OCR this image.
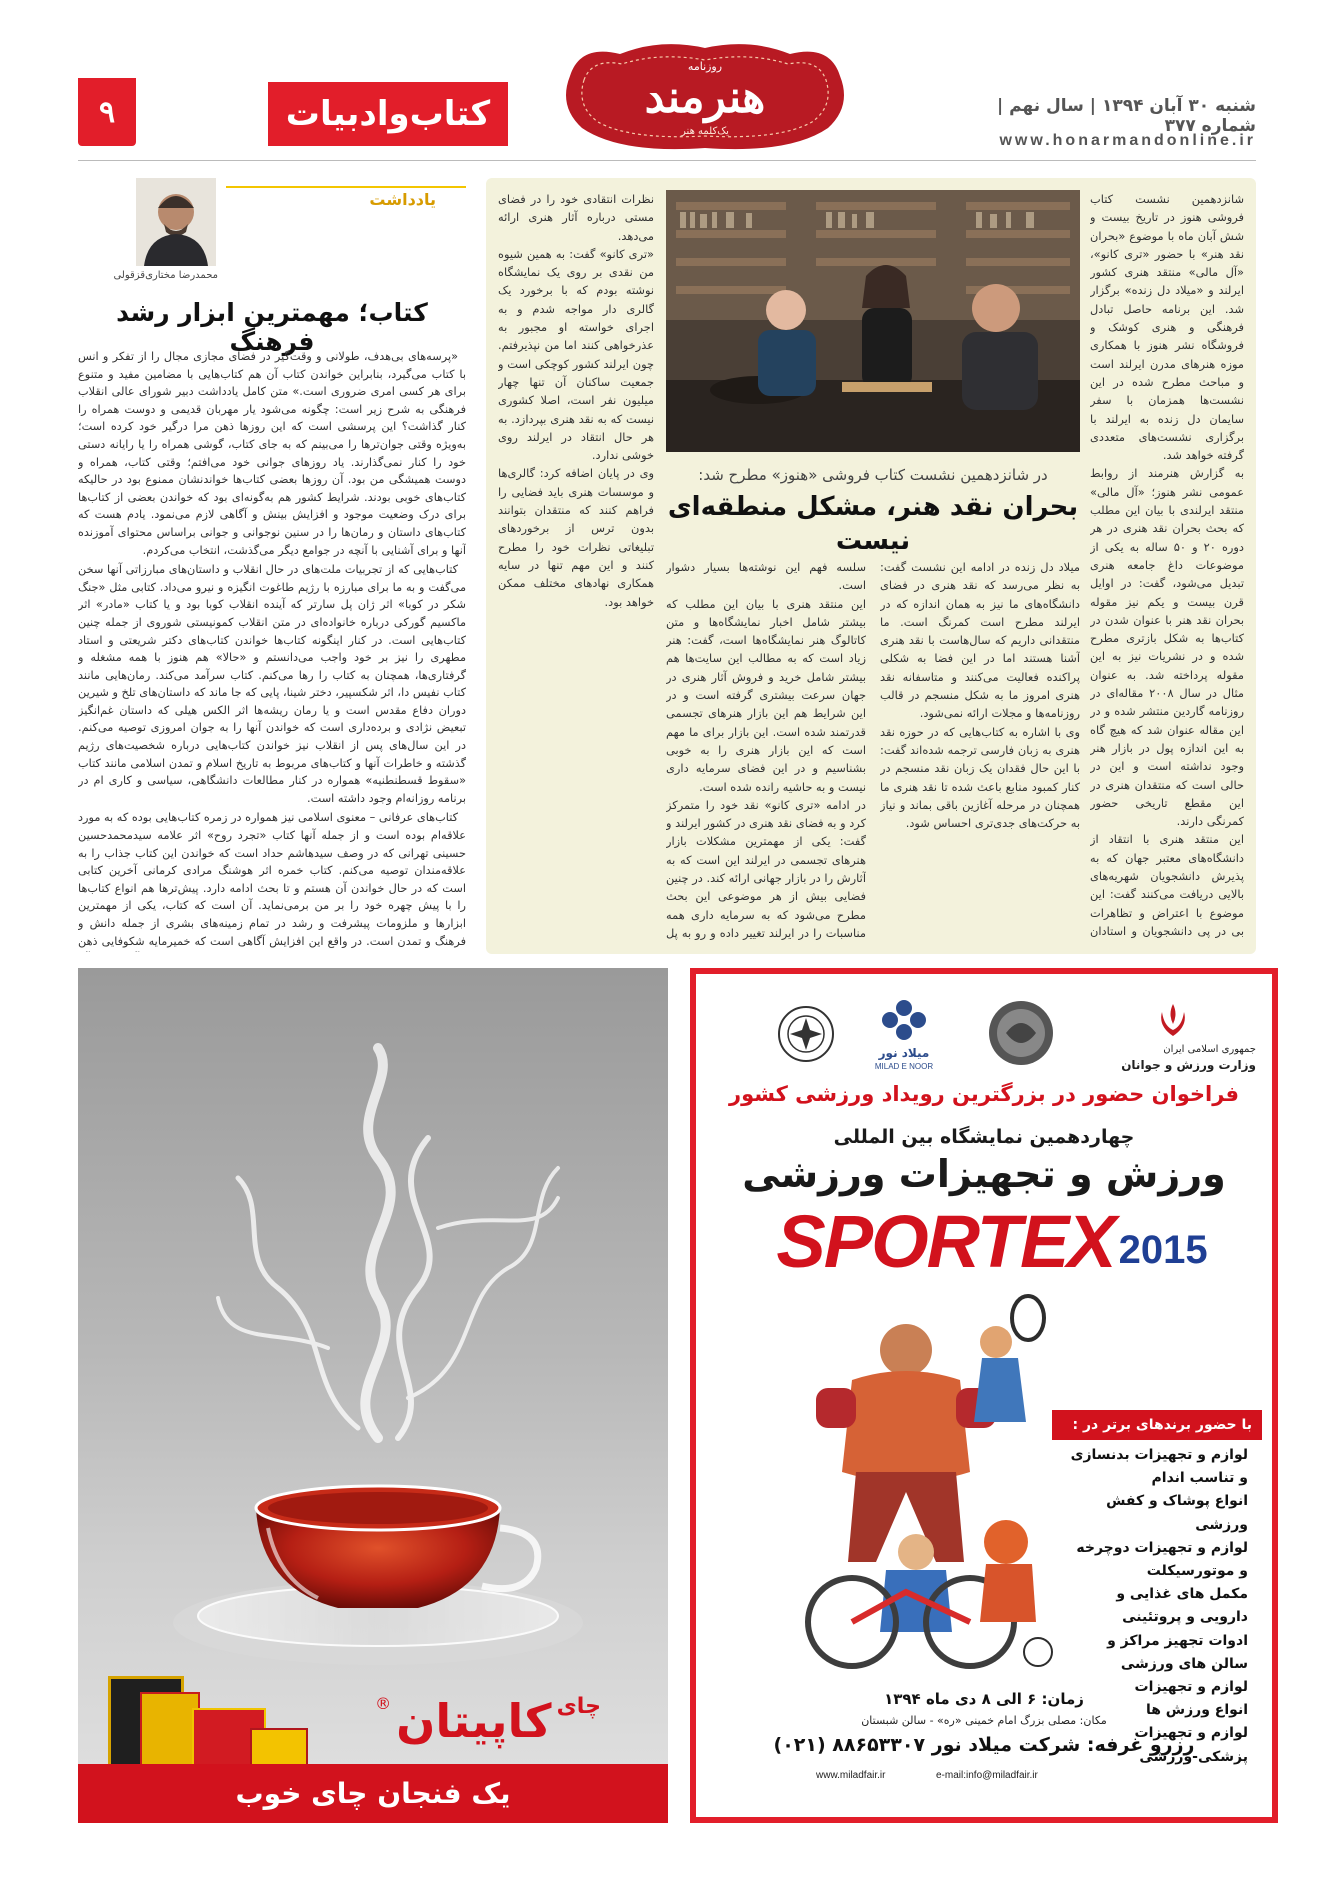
۹	کتاب‌و‌ادبیات
روزنامه
هنرمند
یک‌کلمه هنر
شنبه ۳۰ آبان ۱۳۹۴ | سال نهم | شماره ۳۷۷
www.honarmandonline.ir

شانزدهمین نشست کتاب فروشی هنوز در تاریخ بیست و شش آبان ماه با موضوع «بحران نقد هنر» با حضور «تری کانو»، «آل مالی» منتقد هنری کشور ایرلند و «میلاد دل زنده» برگزار شد. این برنامه حاصل تبادل فرهنگی و هنری کوشک و فروشگاه نشر هنوز با همکاری موزه هنرهای مدرن ایرلند است و مباحث مطرح شده در این نشست‌ها همزمان با سفر سایمان دل زنده به ایرلند با برگزاری نشست‌های متعددی گرفته خواهد شد.

به گزارش هنرمند از روابط عمومی نشر هنوز؛ «آل مالی» منتقد ایرلندی با بیان این مطلب که بحث بحران نقد هنری در هر دوره ۲۰ و ۵۰ ساله به یکی از موضوعات داغ جامعه هنری تبدیل می‌شود، گفت: در اوایل قرن بیست و یکم نیز مقوله بحران نقد هنر با عنوان شدن در کتاب‌ها به شکل بازتری مطرح شده و در نشریات نیز به این مقوله پرداخته شد. به عنوان مثال در سال ۲۰۰۸ مقاله‌ای در روزنامه گاردین منتشر شده و در این مقاله عنوان شد که هیچ گاه به این اندازه پول در بازار هنر وجود نداشته است و این در حالی است که منتقدان هنری در این مقطع تاریخی حضور کمرنگی دارند.

این منتقد هنری با انتقاد از دانشگاه‌های معتبر جهان که به پذیرش دانشجویان شهریه‌های بالایی دریافت می‌کنند گفت: این موضوع با اعتراض و تظاهرات بی در پی دانشجویان و استادان

در شانزدهمین نشست کتاب فروشی «هنوز» مطرح شد:
بحران نقد هنر، مشکل منطقه‌ای نیست

سلسه فهم این نوشته‌ها بسیار دشوار است.

این منتقد هنری با بیان این مطلب که بیشتر شامل اخبار نمایشگاه‌ها و متن کاتالوگ هنر نمایشگاه‌ها است، گفت: هنر زیاد است که به مطالب این سایت‌ها هم بیشتر شامل خرید و فروش آثار هنری در جهان سرعت بیشتری گرفته است و در این شرایط هم این بازار هنرهای تجسمی قدرتمند شده است. این بازار برای ما مهم است که این بازار هنری را به خوبی بشناسیم و در این فضای سرمایه داری نیست و به حاشیه رانده شده است.

در ادامه «تری کانو» نقد خود را متمرکز کرد و به فضای نقد هنری در کشور ایرلند و گفت: یکی از مهمترین مشکلات بازار هنرهای تجسمی در ایرلند این است که به آثارش را در بازار جهانی ارائه کند. در چنین فضایی بیش از هر موضوعی این بحث مطرح می‌شود که به سرمایه داری همه مناسبات را در ایرلند تغییر داده و رو به پل

میلاد دل زنده در ادامه این نشست گفت: به نظر می‌رسد که نقد هنری در فضای دانشگاه‌های ما نیز به همان اندازه که در ایرلند مطرح است کمرنگ است. ما منتقدانی داریم که سال‌هاست با نقد هنری آشنا هستند اما در این فضا به شکلی پراکنده فعالیت می‌کنند و متاسفانه نقد هنری امروز ما به شکل منسجم در قالب روزنامه‌ها و مجلات ارائه نمی‌شود.

وی با اشاره به کتاب‌هایی که در حوزه نقد هنری به زبان فارسی ترجمه شده‌اند گفت: با این حال فقدان یک زبان نقد منسجم در کنار کمبود منابع باعث شده تا نقد هنری ما همچنان در مرحله آغازین باقی بماند و نیاز به حرکت‌های جدی‌تری احساس شود.

نظرات انتقادی خود را در فضای مستی درباره آثار هنری ارائه می‌دهد.

«تری کانو» گفت: به همین شیوه من نقدی بر روی یک نمایشگاه نوشته بودم که با برخورد یک گالری دار مواجه شدم و به اجرای خواسته او مجبور به عذرخواهی کنند اما من نپذیرفتم. چون ایرلند کشور کوچکی است و جمعیت ساکنان آن تنها چهار میلیون نفر است، اصلا کشوری نیست که به نقد هنری بپردازد. به هر حال انتقاد در ایرلند روی خوشی ندارد.

وی در پایان اضافه کرد: گالری‌ها و موسسات هنری باید فضایی را فراهم کنند که منتقدان بتوانند بدون ترس از برخوردهای تبلیغاتی نظرات خود را مطرح کنند و این مهم تنها در سایه همکاری نهادهای مختلف ممکن خواهد بود.

یادداشت
محمدرضا مختاری‌قزقولی
کتاب؛ مهمترین ابزار رشد فرهنگ

«پرسه‌های بی‌هدف، طولانی و وقت‌گیر در فضای مجازی مجال را از تفکر و انس با کتاب می‌گیرد، بنابراین خواندن کتاب آن هم کتاب‌هایی با مضامین مفید و متنوع برای هر کسی امری ضروری است.» متن کامل یادداشت دبیر شورای عالی انقلاب فرهنگی به شرح زیر است: چگونه می‌شود یار مهربان قدیمی و دوست همراه را کنار گذاشت؟ این پرسشی است که این روزها ذهن مرا درگیر خود کرده است؛ به‌ویژه وقتی جوان‌ترها را می‌بینم که به جای کتاب، گوشی همراه را یا رایانه دستی خود را کنار نمی‌گذارند. یاد روزهای جوانی خود می‌افتم؛ وقتی کتاب، همراه و دوست همیشگی من بود. آن روزها بعضی کتاب‌ها خواندنشان ممنوع بود در حالیکه کتاب‌های خوبی بودند. شرایط کشور هم به‌گونه‌ای بود که خواندن بعضی از کتاب‌ها برای درک وضعیت موجود و افزایش بینش و آگاهی لازم می‌نمود. یادم هست که کتاب‌های داستان و رمان‌ها را در سنین نوجوانی و جوانی براساس محتوای آموزنده آنها و برای آشنایی با آنچه در جوامع دیگر می‌گذشت، انتخاب می‌کردم.

کتاب‌هایی که از تجربیات ملت‌های در حال انقلاب و داستان‌های مبارزاتی آنها سخن می‌گفت و به ما برای مبارزه با رژیم طاغوت انگیزه و نیرو می‌داد. کتابی مثل «جنگ شکر در کوبا» اثر ژان پل سارتر که آینده انقلاب کوبا بود و یا کتاب «مادر» اثر ماکسیم گورکی درباره خانواده‌ای در متن انقلاب کمونیستی شوروی از جمله چنین کتاب‌هایی است. در کنار اینگونه کتاب‌ها خواندن کتاب‌های دکتر شریعتی و استاد مطهری را نیز بر خود واجب می‌دانستم و «حالا» هم هنوز با همه مشغله و گرفتاری‌ها، همچنان به کتاب را رها می‌کنم. کتاب سرآمد می‌کند. رمان‌هایی مانند کتاب نفیس دا، اثر شکسپیر، دختر شینا، پایی که جا ماند که داستان‌های تلخ و شیرین دوران دفاع مقدس است و یا رمان ریشه‌ها اثر الکس هیلی که داستان غم‌انگیز تبعیض نژادی و برده‌داری است که خواندن آنها را به جوان امروزی توصیه می‌کنم. در این سال‌های پس از انقلاب نیز خواندن کتاب‌هایی درباره شخصیت‌های رژیم گذشته و خاطرات آنها و کتاب‌های مربوط به تاریخ اسلام و تمدن اسلامی مانند کتاب «سقوط قسطنطنیه» همواره در کنار مطالعات دانشگاهی، سیاسی و کاری ام در برنامه روزانه‌ام وجود داشته است.

کتاب‌های عرفانی – معنوی اسلامی نیز همواره در زمره کتاب‌هایی بوده که به مورد علاقه‌ام بوده است و از جمله آنها کتاب «تجرد روح» اثر علامه سیدمحمدحسین حسینی تهرانی که در وصف سیدهاشم حداد است که خواندن این کتاب جذاب را به علاقه‌مندان توصیه می‌کنم. کتاب خمره اثر هوشنگ مرادی کرمانی آخرین کتابی است که در حال خواندن آن هستم و تا بحث ادامه دارد. پیش‌ترها هم انواع کتاب‌ها را با پیش چهره خود را بر من برمی‌نماید. آن است که کتاب، یکی از مهمترین ابزارها و ملزومات پیشرفت و رشد در تمام زمینه‌های بشری از جمله دانش و فرهنگ و تمدن است. در واقع این افزایش آگاهی است که خمیرمایه شکوفایی ذهن

چای کاپیتان ®
یک فنجان چای خوب
میلاد نور
MILAD E NOOR
جمهوری اسلامی ایران
وزارت ورزش و جوانان
فراخوان حضور در بزرگترین رویداد ورزشی کشور
چهاردهمین نمایشگاه بین المللی
ورزش و تجهیزات ورزشی
SPORTEX 2015
با حضور برندهای برتر در :
لوازم و تجهیزات بدنسازی
و تناسب اندام
انواع پوشاک و کفش ورزشی
لوازم و تجهیزات دوچرخه
و موتورسیکلت
مکمل های غذایی و
دارویی و پروتئینی
ادوات تجهیز مراکز و
سالن های ورزشی
لوازم و تجهیزات
انواع ورزش ها
لوازم و تجهیزات
پزشکی-ورزشی
زمان: ۶ الی ۸ دی ماه ۱۳۹۴
مکان: مصلی بزرگ امام خمینی «ره» - سالن شبستان
رزرو غرفه: شرکت میلاد نور ۸۸۶۵۳۳۰۷ (۰۲۱)
www.miladfair.ir	e-mail:info@miladfair.ir
